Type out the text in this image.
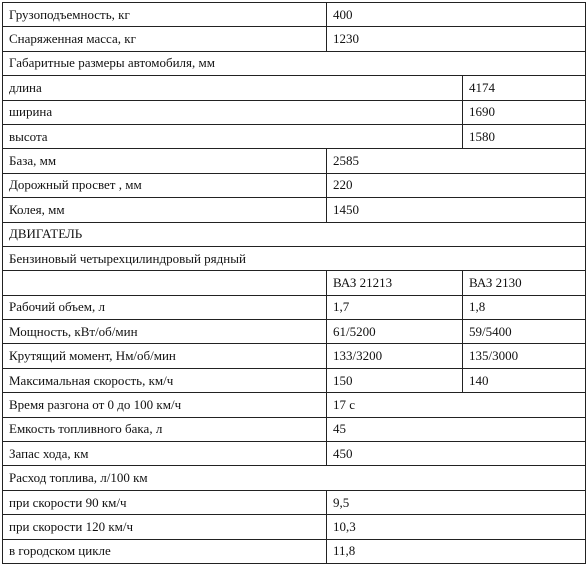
Грузоподъемность, кг	400	
Снаряженная масса, кг	1230	
Габаритные размеры автомобиля, мм		
длина		4174
ширина		1690
высота		1580
База, мм	2585	
Дорожный просвет , мм	220	
Колея, мм	1450	
ДВИГАТЕЛЬ		
Бензиновый четырехцилиндровый рядный		
	ВАЗ 21213	ВАЗ 2130
Рабочий объем, л	1,7	1,8
Мощность, кВт/об/мин	61/5200	59/5400
Крутящий момент, Нм/об/мин	133/3200	135/3000
Максимальная скорость, км/ч	150	140
Время разгона от 0 до 100 км/ч	17 с	
Емкость топливного бака, л	45	
Запас хода, км	450	
Расход топлива, л/100 км		
при скорости 90 км/ч	9,5	
при скорости 120 км/ч	10,3	
в городском цикле	11,8	
